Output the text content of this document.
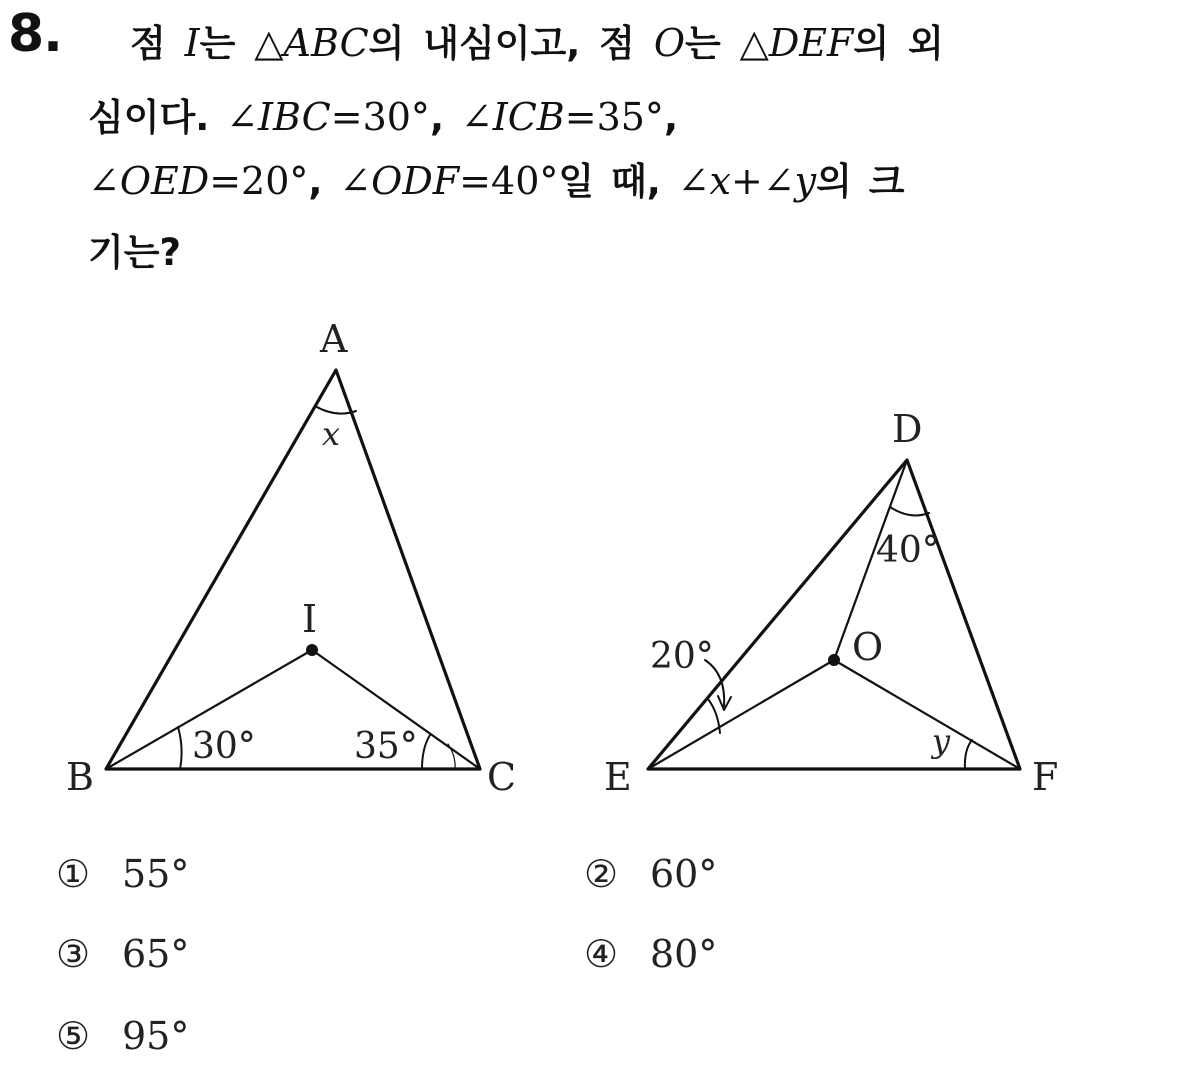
8. 점 I는 △ABC의 내심이고, 점 O는 △DEF의 외
심이다. ∠IBC=30°, ∠ICB=35°,
∠OED=20°, ∠ODF=40°일 때, ∠x+∠y의 크
기는?
A
B	C
I
x
30°	35°
D
E	F
O
40°
20°
y
① 55°	② 60°
③ 65°	④ 80°
⑤ 95°
